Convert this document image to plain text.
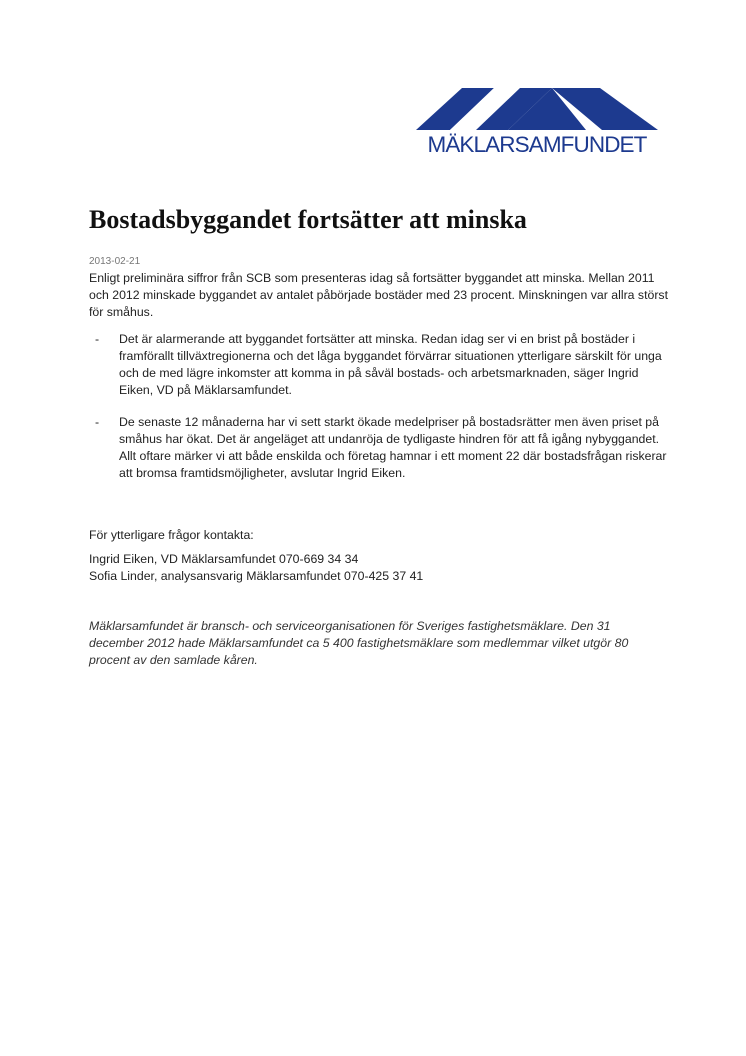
MÄKLARSAMFUNDET
Bostadsbyggandet fortsätter att minska
2013-02-21
Enligt preliminära siffror från SCB som presenteras idag så fortsätter byggandet att minska. Mellan 2011 och 2012 minskade byggandet av antalet påbörjade bostäder med 23 procent. Minskningen var allra störst för småhus.
- Det är alarmerande att byggandet fortsätter att minska. Redan idag ser vi en brist på bostäder i framförallt tillväxtregionerna och det låga byggandet förvärrar situationen ytterligare särskilt för unga och de med lägre inkomster att komma in på såväl bostads- och arbetsmarknaden, säger Ingrid Eiken, VD på Mäklarsamfundet.
- De senaste 12 månaderna har vi sett starkt ökade medelpriser på bostadsrätter men även priset på småhus har ökat. Det är angeläget att undanröja de tydligaste hindren för att få igång nybyggandet. Allt oftare märker vi att både enskilda och företag hamnar i ett moment 22 där bostadsfrågan riskerar att bromsa framtidsmöjligheter, avslutar Ingrid Eiken.
För ytterligare frågor kontakta:
Ingrid Eiken, VD Mäklarsamfundet 070-669 34 34
Sofia Linder, analysansvarig Mäklarsamfundet 070-425 37 41
Mäklarsamfundet är bransch- och serviceorganisationen för Sveriges fastighetsmäklare. Den 31 december 2012 hade Mäklarsamfundet ca 5 400 fastighetsmäklare som medlemmar vilket utgör 80 procent av den samlade kåren.
